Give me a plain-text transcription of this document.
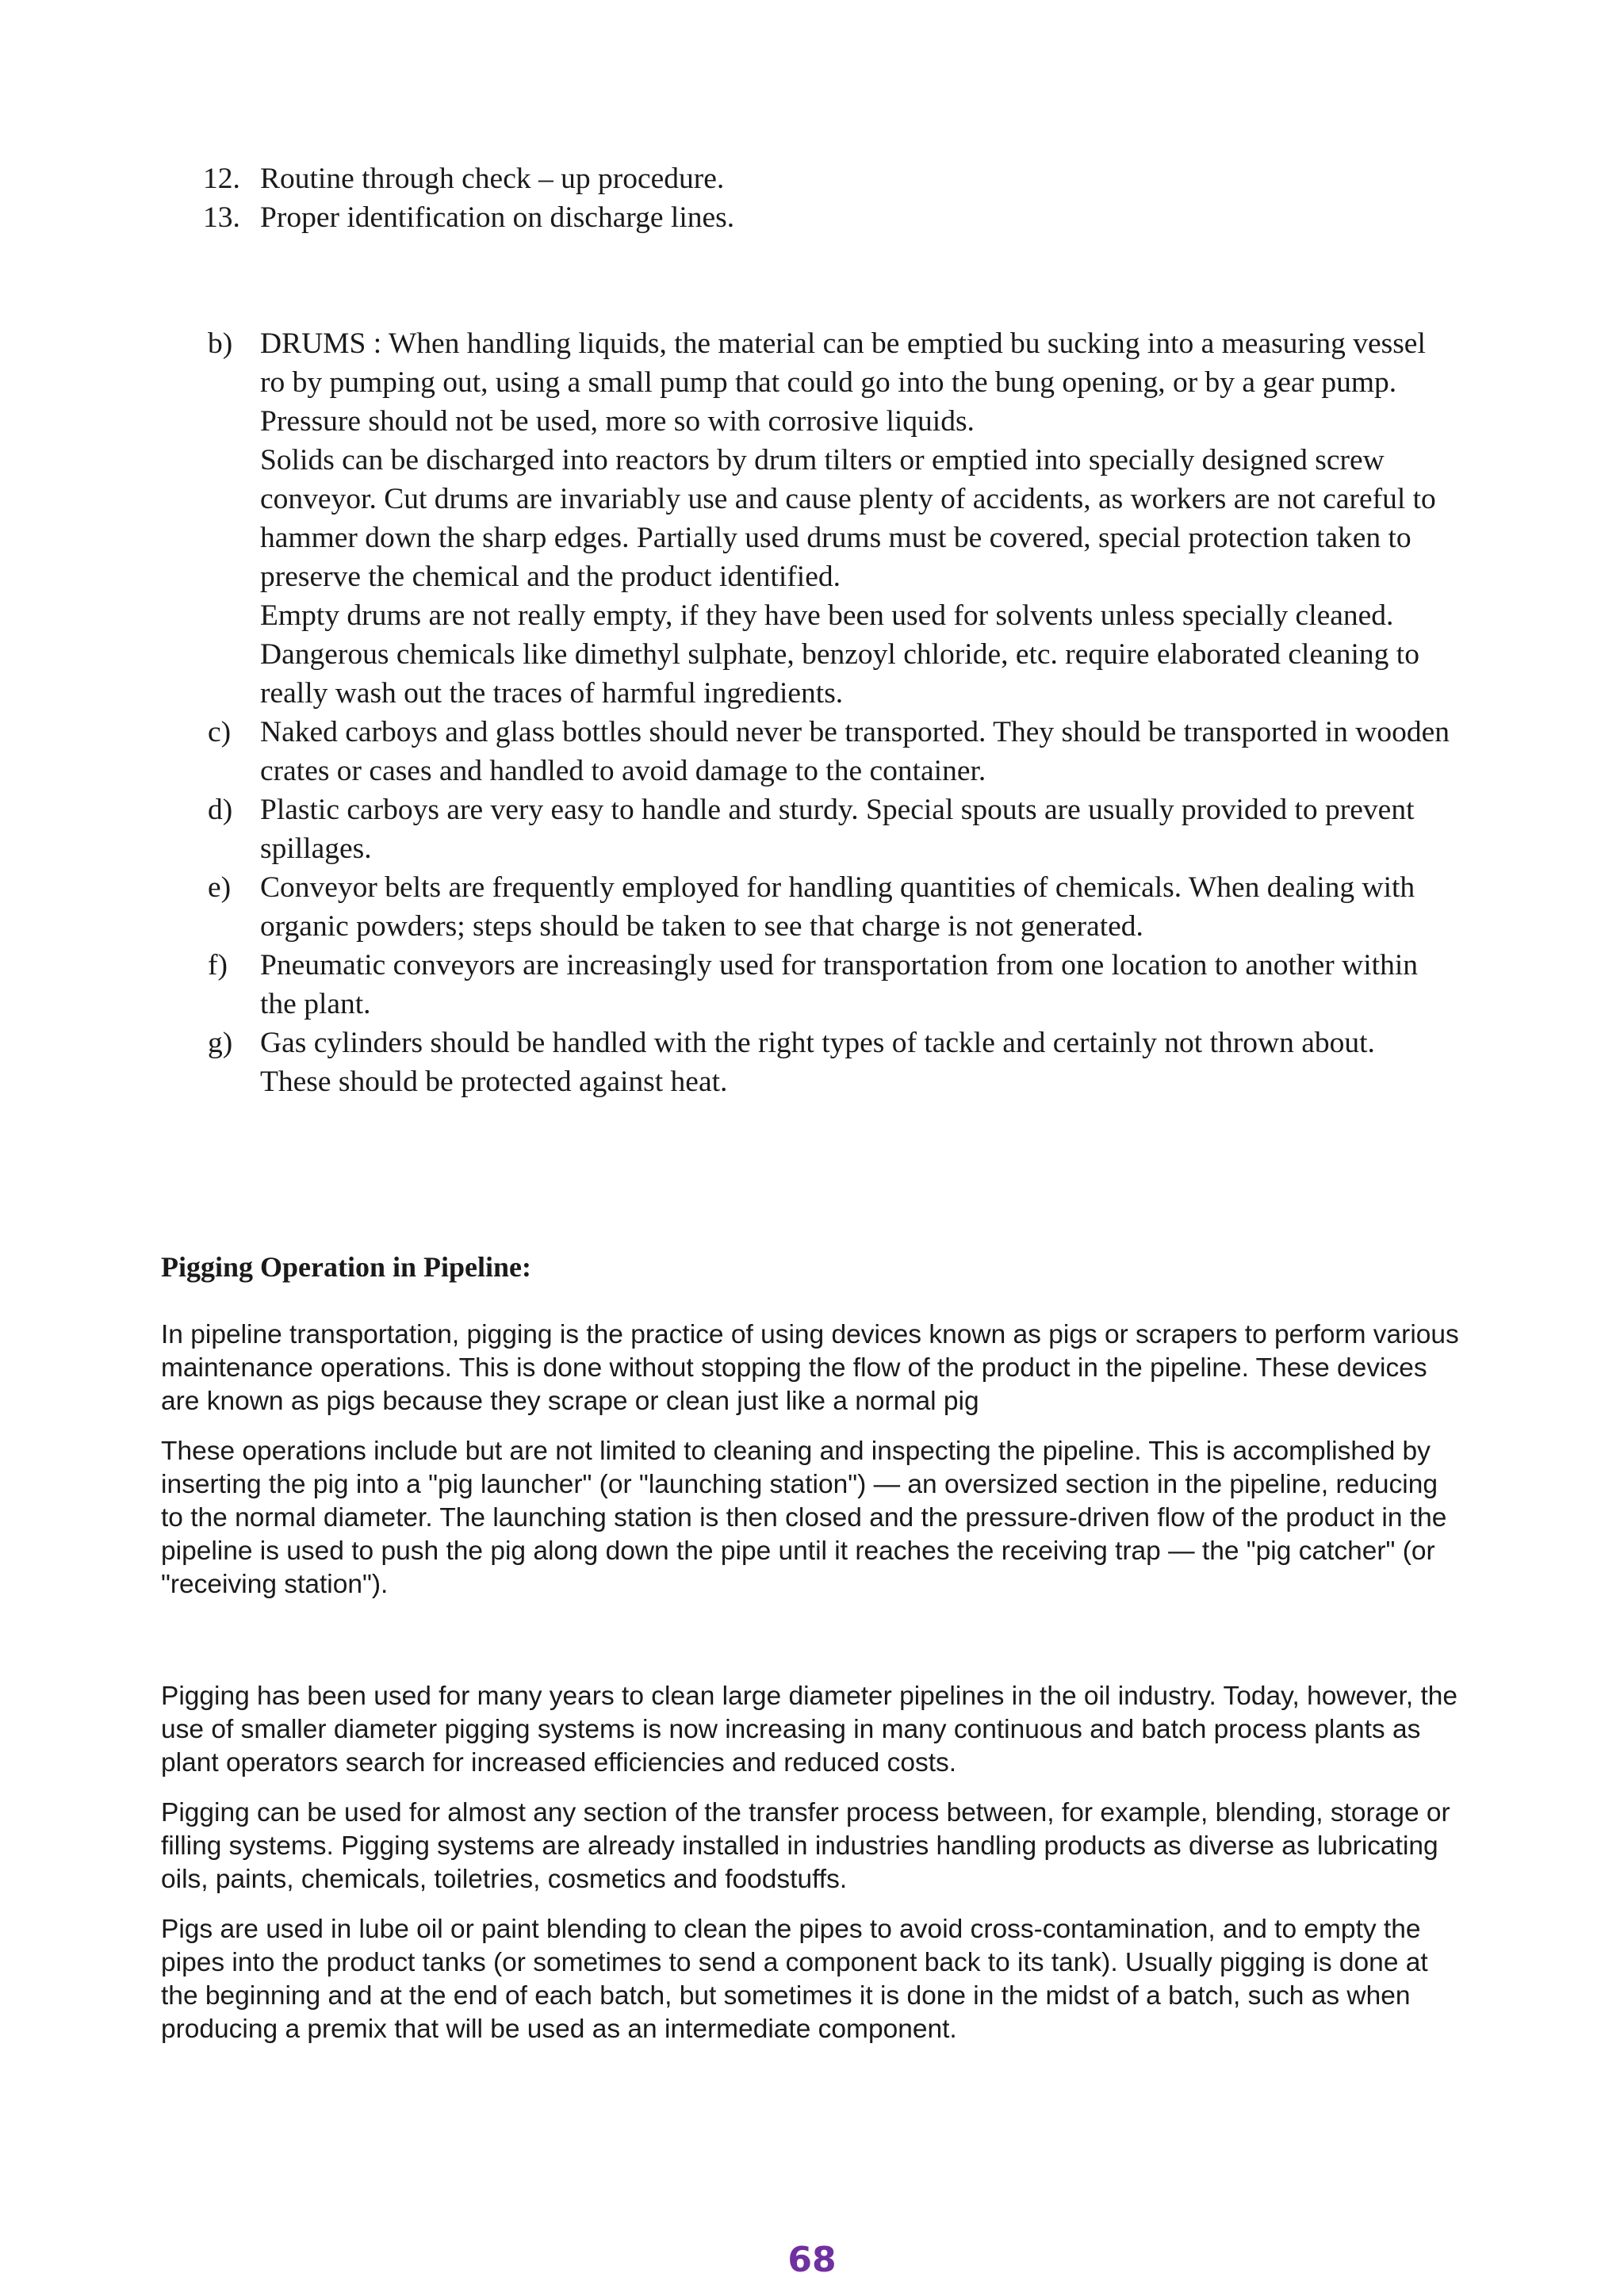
12. Routine through check – up procedure.
13. Proper identification on discharge lines.
b) DRUMS : When handling liquids, the material can be emptied bu sucking into a measuring vessel ro by pumping out, using a small pump that could go into the bung opening, or by a gear pump. Pressure should not be used, more so with corrosive liquids.
Solids can be discharged into reactors by drum tilters or emptied into specially designed screw conveyor. Cut drums are invariably use and cause plenty of accidents, as workers are not careful to hammer down the sharp edges. Partially used drums must be covered, special protection taken to preserve the chemical and the product identified.
Empty drums are not really empty, if they have been used for solvents unless specially cleaned. Dangerous chemicals like dimethyl sulphate, benzoyl chloride, etc. require elaborated cleaning to really wash out the traces of harmful ingredients.
c) Naked carboys and glass bottles should never be transported. They should be transported in wooden crates or cases and handled to avoid damage to the container.
d) Plastic carboys are very easy to handle and sturdy. Special spouts are usually provided to prevent spillages.
e) Conveyor belts are frequently employed for handling quantities of chemicals. When dealing with organic powders; steps should be taken to see that charge is not generated.
f)	Pneumatic conveyors are increasingly used for transportation from one location to another within the plant.
g) Gas cylinders should be handled with the right types of tackle and certainly not thrown about. These should be protected against heat.
Pigging Operation in Pipeline:
In pipeline transportation, pigging is the practice of using devices known as pigs or scrapers to perform various maintenance operations. This is done without stopping the flow of the product in the pipeline. These devices are known as pigs because they scrape or clean just like a normal pig
These operations include but are not limited to cleaning and inspecting the pipeline. This is accomplished by inserting the pig into a "pig launcher" (or "launching station") — an oversized section in the pipeline, reducing to the normal diameter. The launching station is then closed and the pressure-driven flow of the product in the pipeline is used to push the pig along down the pipe until it reaches the receiving trap — the "pig catcher" (or "receiving station").
Pigging has been used for many years to clean large diameter pipelines in the oil industry. Today, however, the use of smaller diameter pigging systems is now increasing in many continuous and batch process plants as plant operators search for increased efficiencies and reduced costs.
Pigging can be used for almost any section of the transfer process between, for example, blending, storage or filling systems. Pigging systems are already installed in industries handling products as diverse as lubricating oils, paints, chemicals, toiletries, cosmetics and foodstuffs.
Pigs are used in lube oil or paint blending to clean the pipes to avoid cross-contamination, and to empty the pipes into the product tanks (or sometimes to send a component back to its tank). Usually pigging is done at the beginning and at the end of each batch, but sometimes it is done in the midst of a batch, such as when producing a premix that will be used as an intermediate component.
68
